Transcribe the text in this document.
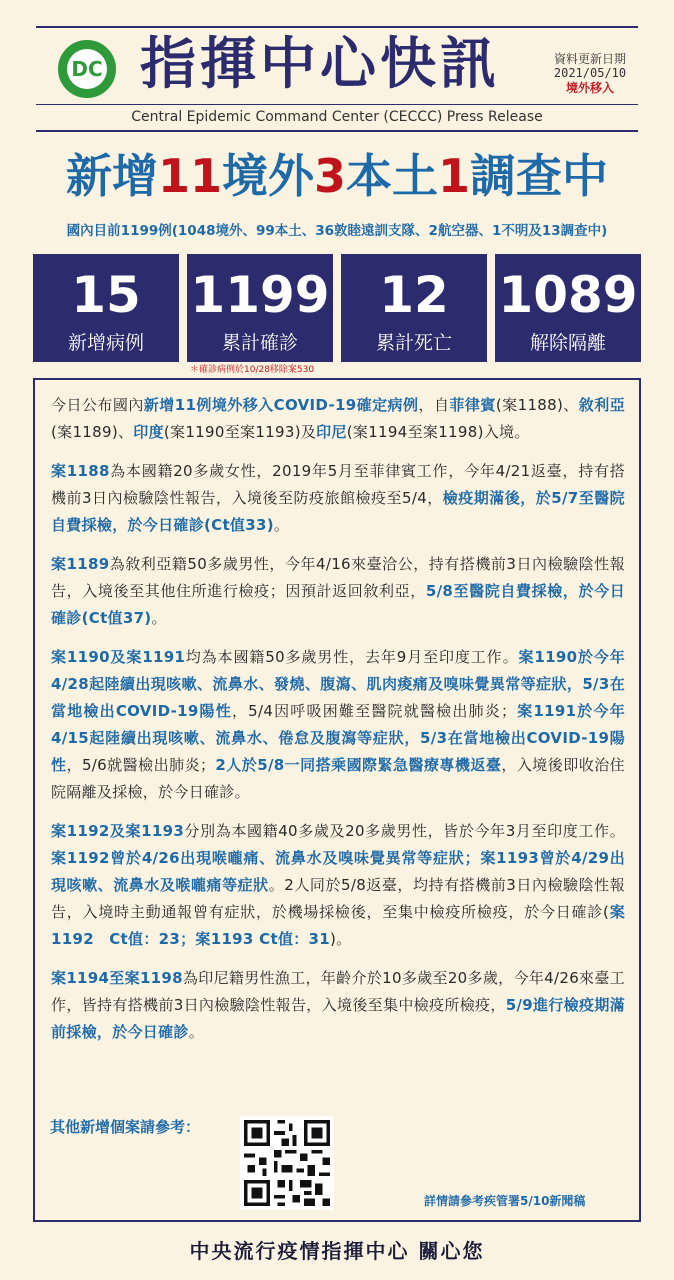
DC 指揮中心快訊	資料更新日期
2021/05/10
境外移入
Central Epidemic Command Center (CECCC) Press Release
新增11境外3本土1調查中
國內目前1199例(1048境外、99本土、36敦睦遠訓支隊、2航空器、1不明及13調查中)
15
新增病例
1199
累計確診
12
累計死亡
1089
解除隔離
＊確診病例於10/28移除案530

今日公布國內新增11例境外移入COVID-19確定病例，自菲律賓(案1188)、敘利亞(案1189)、印度(案1190至案1193)及印尼(案1194至案1198)入境。

案1188為本國籍20多歲女性，2019年5月至菲律賓工作，今年4/21返臺，持有搭機前3日內檢驗陰性報告，入境後至防疫旅館檢疫至5/4，檢疫期滿後，於5/7至醫院自費採檢，於今日確診(Ct值33)。

案1189為敘利亞籍50多歲男性，今年4/16來臺洽公，持有搭機前3日內檢驗陰性報告，入境後至其他住所進行檢疫；因預計返回敘利亞，5/8至醫院自費採檢，於今日確診(Ct值37)。

案1190及案1191均為本國籍50多歲男性，去年9月至印度工作。案1190於今年4/28起陸續出現咳嗽、流鼻水、發燒、腹瀉、肌肉痠痛及嗅味覺異常等症狀，5/3在當地檢出COVID-19陽性，5/4因呼吸困難至醫院就醫檢出肺炎；案1191於今年4/15起陸續出現咳嗽、流鼻水、倦怠及腹瀉等症狀，5/3在當地檢出COVID-19陽性，5/6就醫檢出肺炎；2人於5/8一同搭乘國際緊急醫療專機返臺，入境後即收治住院隔離及採檢，於今日確診。

案1192及案1193分別為本國籍40多歲及20多歲男性，皆於今年3月至印度工作。案1192曾於4/26出現喉嚨痛、流鼻水及嗅味覺異常等症狀；案1193曾於4/29出現咳嗽、流鼻水及喉嚨痛等症狀。2人同於5/8返臺，均持有搭機前3日內檢驗陰性報告，入境時主動通報曾有症狀，於機場採檢後，至集中檢疫所檢疫，於今日確診(案1192　Ct值：23；案1193 Ct值：31)。

案1194至案1198為印尼籍男性漁工，年齡介於10多歲至20多歲，今年4/26來臺工作，皆持有搭機前3日內檢驗陰性報告，入境後至集中檢疫所檢疫，5/9進行檢疫期滿前採檢，於今日確診。

其他新增個案請參考：
詳情請參考疾管署5/10新聞稿
中央流行疫情指揮中心 關心您
